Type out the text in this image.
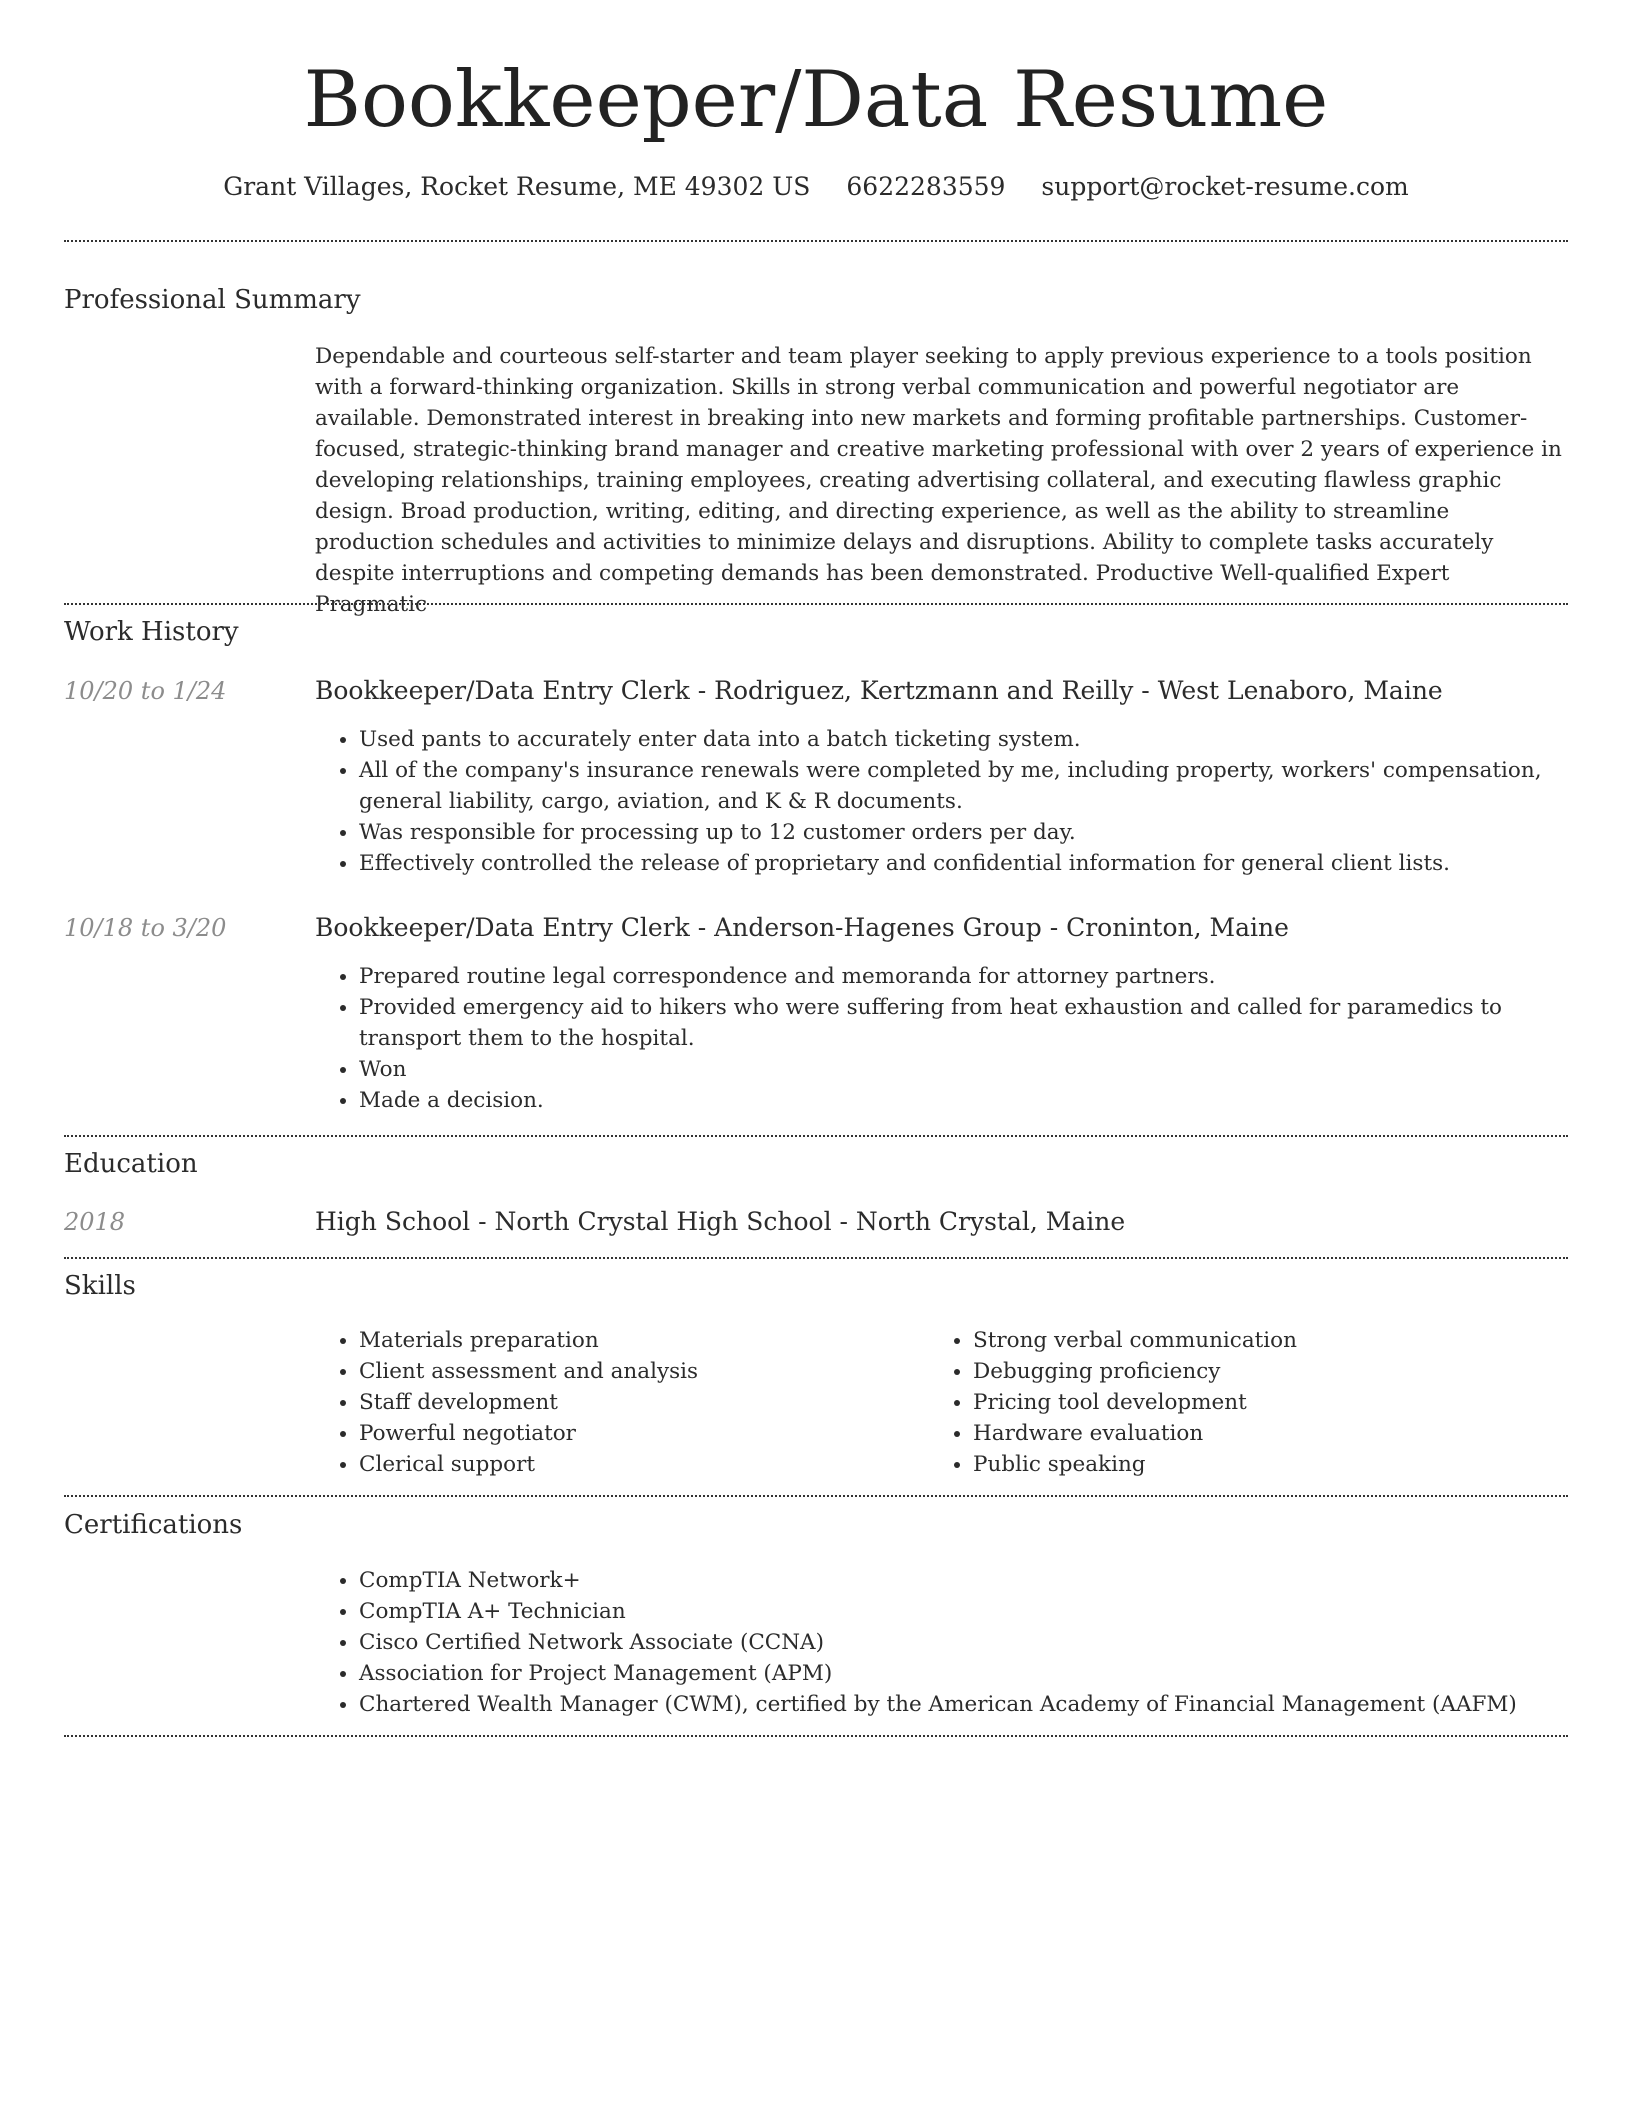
Bookkeeper/Data Resume
Grant Villages, Rocket Resume, ME 49302 US 6622283559 support@rocket-resume.com
Professional Summary

Dependable and courteous self-starter and team player seeking to apply previous experience to a tools position with a forward-thinking organization. Skills in strong verbal communication and powerful negotiator are available. Demonstrated interest in breaking into new markets and forming profitable partnerships. Customer-focused, strategic-thinking brand manager and creative marketing professional with over 2 years of experience in developing relationships, training employees, creating advertising collateral, and executing flawless graphic design. Broad production, writing, editing, and directing experience, as well as the ability to streamline production schedules and activities to minimize delays and disruptions. Ability to complete tasks accurately despite interruptions and competing demands has been demonstrated. Productive Well-qualified Expert Pragmatic

Work History
10/20 to 1/24	Bookkeeper/Data Entry Clerk - Rodriguez, Kertzmann and Reilly - West Lenaboro, Maine
• Used pants to accurately enter data into a batch ticketing system.
• All of the company's insurance renewals were completed by me, including property, workers' compensation, general liability, cargo, aviation, and K & R documents.
• Was responsible for processing up to 12 customer orders per day.
• Effectively controlled the release of proprietary and confidential information for general client lists.
10/18 to 3/20	Bookkeeper/Data Entry Clerk - Anderson-Hagenes Group - Croninton, Maine
• Prepared routine legal correspondence and memoranda for attorney partners.
• Provided emergency aid to hikers who were suffering from heat exhaustion and called for paramedics to transport them to the hospital.
• Won
• Made a decision.
Education
2018	High School - North Crystal High School - North Crystal, Maine
Skills
• Materials preparation
• Client assessment and analysis
• Staff development
• Powerful negotiator
• Clerical support
• Strong verbal communication
• Debugging proficiency
• Pricing tool development
• Hardware evaluation
• Public speaking
Certifications
• CompTIA Network+
• CompTIA A+ Technician
• Cisco Certified Network Associate (CCNA)
• Association for Project Management (APM)
• Chartered Wealth Manager (CWM), certified by the American Academy of Financial Management (AAFM)
